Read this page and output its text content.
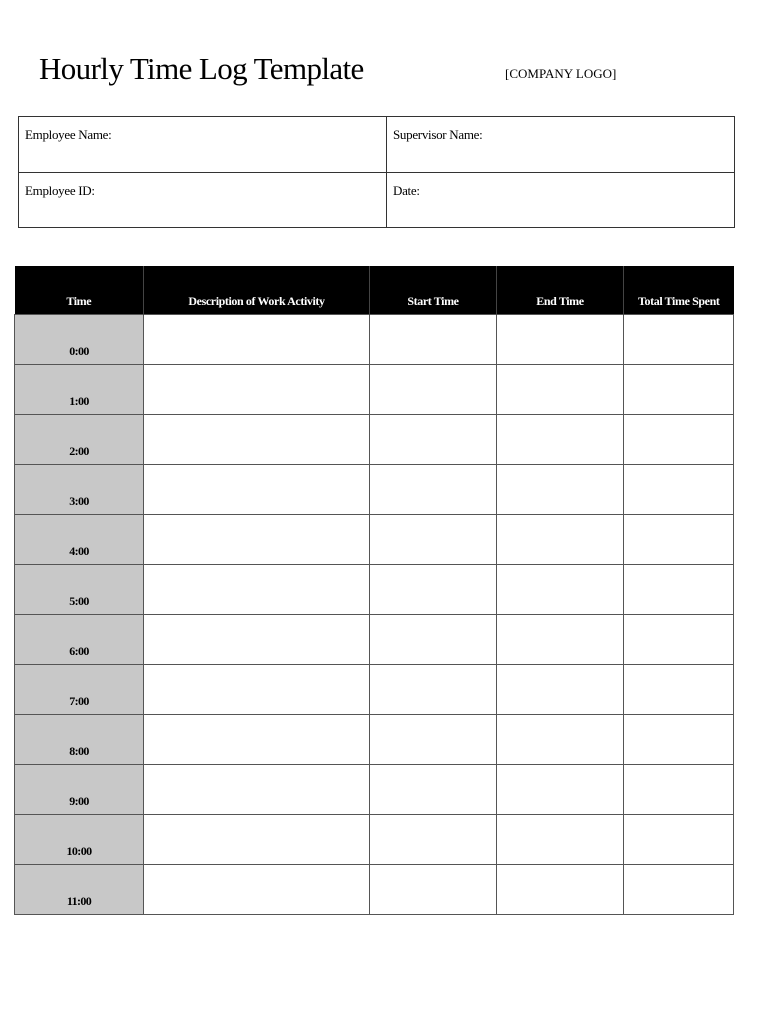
Hourly Time Log Template	[COMPANY LOGO]
Employee Name:	Supervisor Name:
Employee ID:	Date:
Time	Description of Work Activity	Start Time	End Time	Total Time Spent
0:00				
1:00				
2:00				
3:00				
4:00				
5:00				
6:00				
7:00				
8:00				
9:00				
10:00				
11:00				
